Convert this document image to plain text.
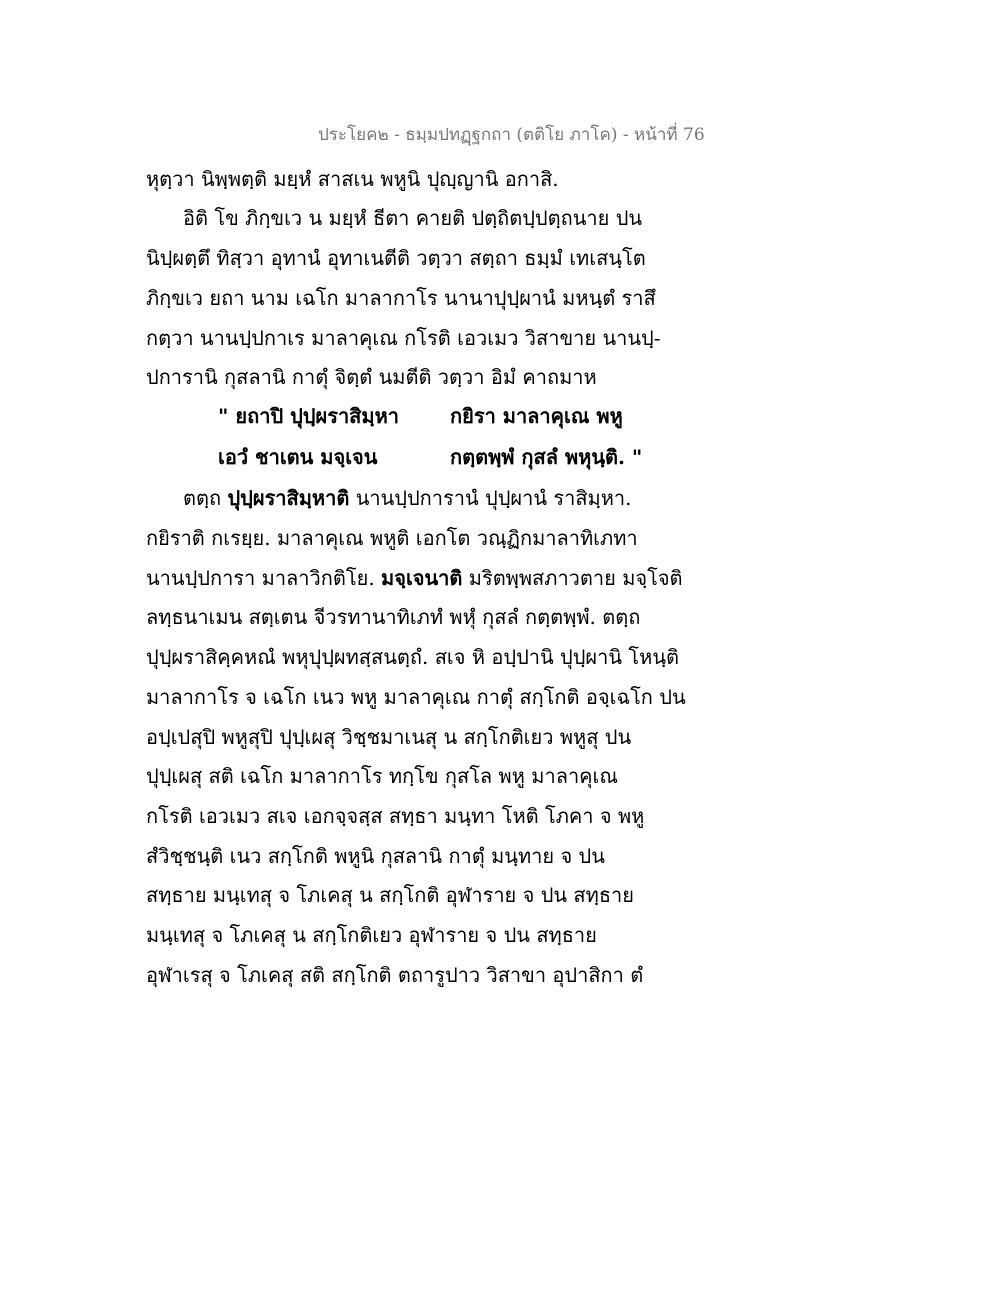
ประโยค๒ - ธมฺมปทฏฺฐกถา (ตติโย ภาโค) - หน้าที่ 76
หุตฺวา นิพฺพตฺติ มยฺหํ สาสเน พหูนิ ปุญฺญานิ อกาสิ.
อิติ โข ภิกฺขเว น มยฺหํ ธีตา คายติ ปตฺถิตปฺปตฺถนาย ปน
นิปฺผตฺตึ ทิสฺวา อุทานํ อุทาเนตีติ วตฺวา สตฺถา ธมฺมํ เทเสนฺโต
ภิกฺขเว ยถา นาม เฉโก มาลากาโร นานาปุปฺผานํ มหนฺตํ ราสึ
กตฺวา นานปฺปกาเร มาลาคุเณ กโรติ เอวเมว วิสาขาย นานปฺ-
ปการานิ กุสลานิ กาตุํ จิตฺตํ นมตีติ วตฺวา อิมํ คาถมาห
" ยถาปิ ปุปฺผราสิมฺหา	กยิรา มาลาคุเณ พหู
เอวํ ชาเตน มจฺเจน	กตฺตพฺพํ กุสลํ พหุนฺติ. "
ตตฺถ ปุปฺผราสิมฺหาติ นานปฺปการานํ ปุปฺผานํ ราสิมฺหา.
กยิราติ กเรยฺย. มาลาคุเณ พหูติ เอกโต วณฺฏิกมาลาทิเภทา
นานปฺปการา มาลาวิกติโย. มจฺเจนาติ มริตพฺพสภาวตาย มจฺโจติ
ลทฺธนาเมน สตฺเตน จีวรทานาทิเภทํ พหุํ กุสลํ กตฺตพฺพํ. ตตฺถ
ปุปฺผราสิคฺคหณํ พหุปุปฺผทสฺสนตฺถํ. สเจ หิ อปฺปานิ ปุปฺผานิ โหนฺติ
มาลากาโร จ เฉโก เนว พหู มาลาคุเณ กาตุํ สกฺโกติ อจฺเฉโก ปน
อปฺเปสุปิ พหูสุปิ ปุปฺเผสุ วิชฺชมาเนสุ น สกฺโกติเยว พหูสุ ปน
ปุปฺเผสุ สติ เฉโก มาลากาโร ทกฺโข กุสโล พหู มาลาคุเณ
กโรติ เอวเมว สเจ เอกจฺจสฺส สทฺธา มนฺทา โหติ โภคา จ พหู
สํวิชฺชนฺติ เนว สกฺโกติ พหูนิ กุสลานิ กาตุํ มนฺทาย จ ปน
สทฺธาย มนฺเทสุ จ โภเคสุ น สกฺโกติ อุฬาราย จ ปน สทฺธาย
มนฺเทสุ จ โภเคสุ น สกฺโกติเยว อุฬาราย จ ปน สทฺธาย
อุฬาเรสุ จ โภเคสุ สติ สกฺโกติ ตถารูปาว วิสาขา อุปาสิกา ตํ
